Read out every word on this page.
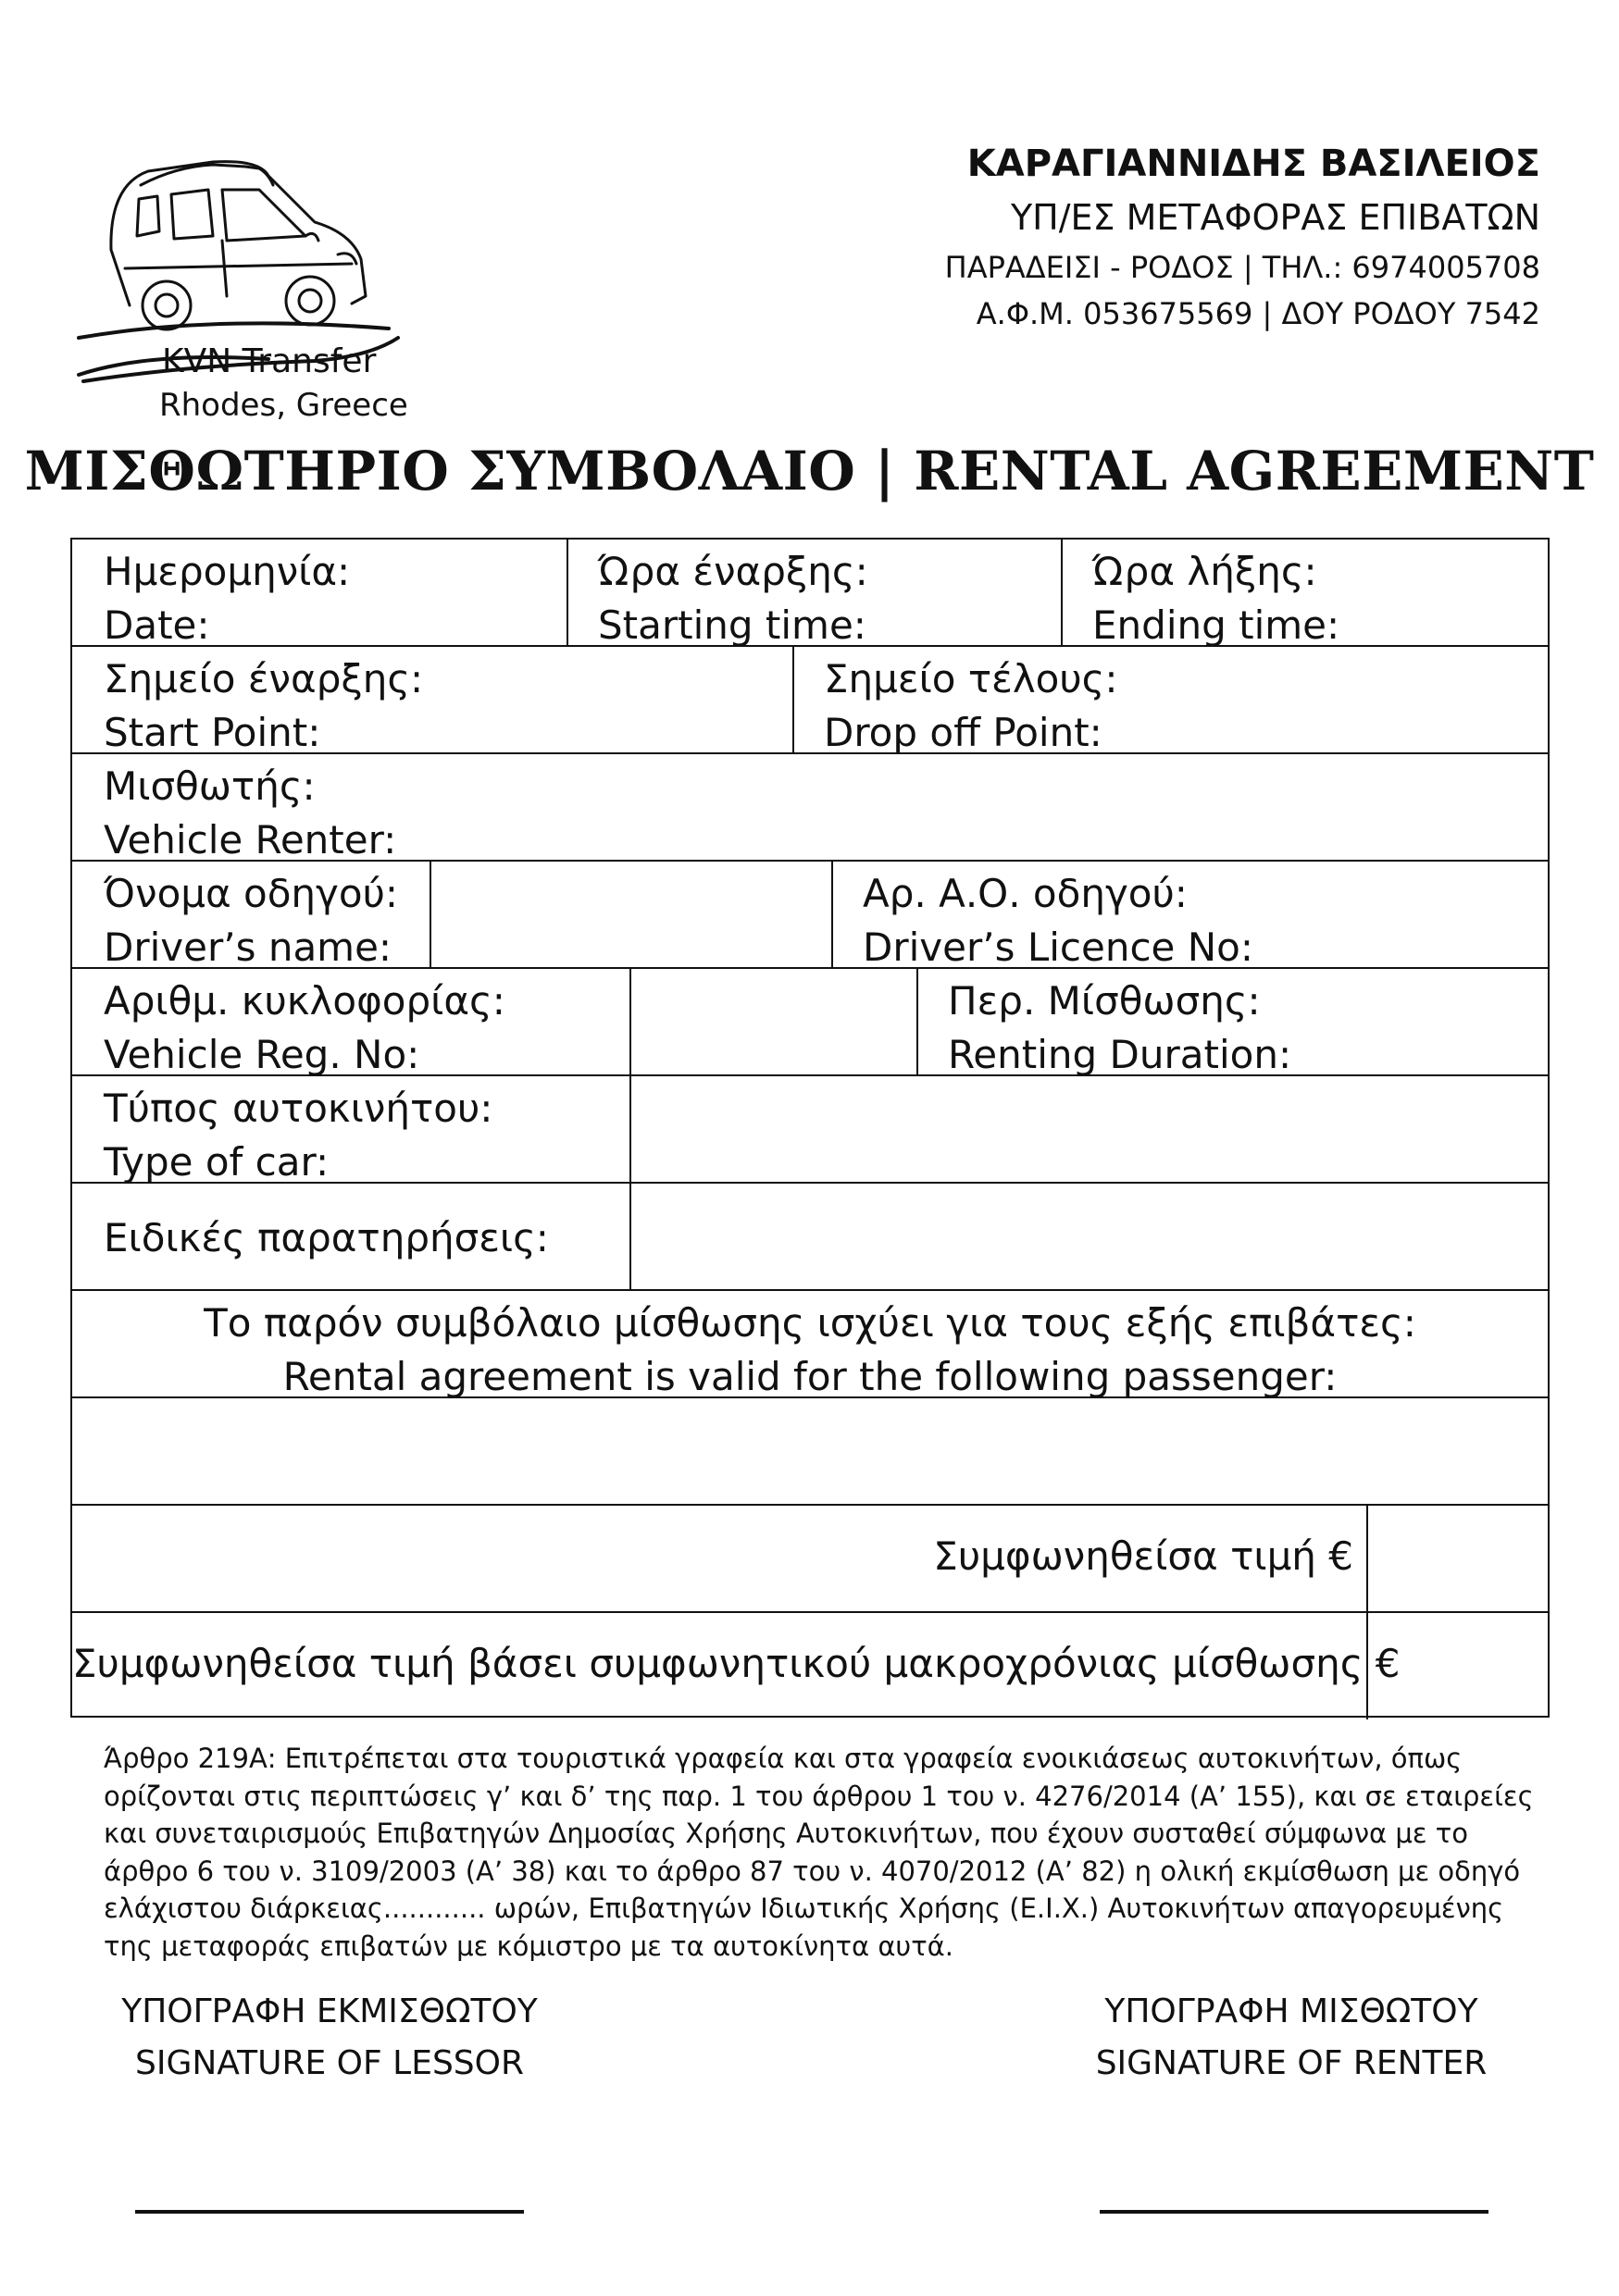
KVN Transfer
Rhodes, Greece
ΚΑΡΑΓΙΑΝΝΙΔΗΣ ΒΑΣΙΛΕΙΟΣ
ΥΠ/ΕΣ ΜΕΤΑΦΟΡΑΣ ΕΠΙΒΑΤΩΝ
ΠΑΡΑΔΕΙΣΙ - ΡΟΔΟΣ | ΤΗΛ.: 6974005708
Α.Φ.Μ. 053675569 | ΔΟΥ ΡΟΔΟΥ 7542
ΜΙΣΘΩΤΗΡΙΟ ΣΥΜΒΟΛΑΙΟ | RENTAL AGREEMENT
Ημερομηνία:
Date:
Ώρα έναρξης:
Starting time:
Ώρα λήξης:
Ending time:
Σημείο έναρξης:
Start Point:
Σημείο τέλους:
Drop off Point:
Μισθωτής:
Vehicle Renter:
Όνομα οδηγού:
Driver’s name:
Αρ. Α.Ο. οδηγού:
Driver’s Licence No:
Αριθμ. κυκλοφορίας:
Vehicle Reg. No:
Περ. Μίσθωσης:
Renting Duration:
Τύπος αυτοκινήτου:
Type of car:
Ειδικές παρατηρήσεις:
Το παρόν συμβόλαιο μίσθωσης ισχύει για τους εξής επιβάτες:
Rental agreement is valid for the following passenger:
Συμφωνηθείσα τιμή €
Συμφωνηθείσα τιμή βάσει συμφωνητικού μακροχρόνιας μίσθωσης €
Άρθρο 219Α: Επιτρέπεται στα τουριστικά γραφεία και στα γραφεία ενοικιάσεως αυτοκινήτων, όπως
ορίζονται στις περιπτώσεις γ’ και δ’ της παρ. 1 του άρθρου 1 του ν. 4276/2014 (Α’ 155), και σε εταιρείες
και συνεταιρισμούς Επιβατηγών Δημοσίας Χρήσης Αυτοκινήτων, που έχουν συσταθεί σύμφωνα με το
άρθρο 6 του ν. 3109/2003 (Α’ 38) και το άρθρο 87 του ν. 4070/2012 (Α’ 82) η ολική εκμίσθωση με οδηγό
ελάχιστου διάρκειας............ ωρών, Επιβατηγών Ιδιωτικής Χρήσης (Ε.Ι.Χ.) Αυτοκινήτων απαγορευμένης
της μεταφοράς επιβατών με κόμιστρο με τα αυτοκίνητα αυτά.
ΥΠΟΓΡΑΦΗ ΕΚΜΙΣΘΩΤΟΥ
SIGNATURE OF LESSOR
ΥΠΟΓΡΑΦΗ ΜΙΣΘΩΤΟΥ
SIGNATURE OF RENTER
